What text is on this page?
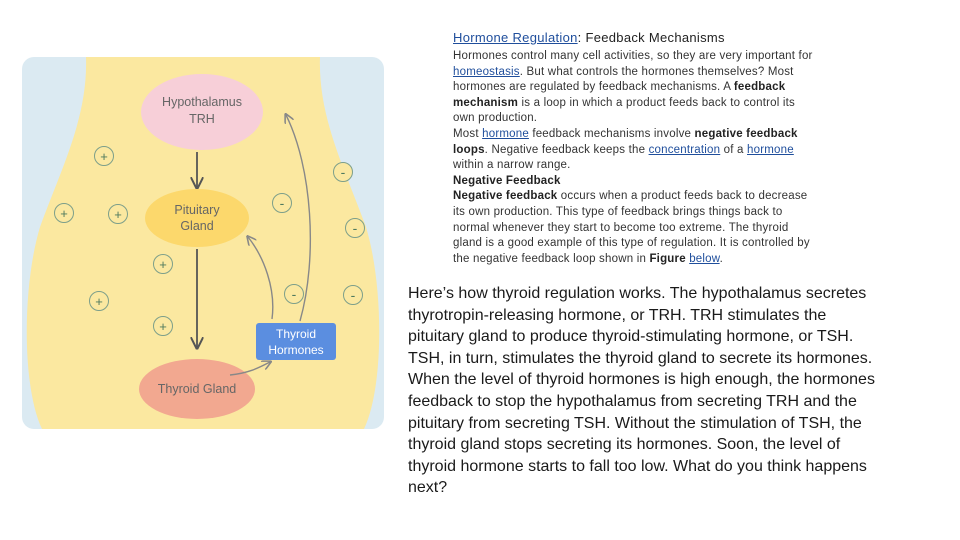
Hypothalamus
TRH
Pituitary
Gland
Thyroid Gland
Thyroid
Hormones
+
+	+
+
+
+
-
-
-
-	-
Hormone Regulation: Feedback Mechanisms

Hormones control many cell activities, so they are very important for homeostasis. But what controls the hormones themselves? Most hormones are regulated by feedback mechanisms. A feedback mechanism is a loop in which a product feeds back to control its own production.

Most hormone feedback mechanisms involve negative feedback loops. Negative feedback keeps the concentration of a hormone within a narrow range.

Negative Feedback

Negative feedback occurs when a product feeds back to decrease its own production. This type of feedback brings things back to normal whenever they start to become too extreme. The thyroid gland is a good example of this type of regulation. It is controlled by the negative feedback loop shown in Figure below.

Here’s how thyroid regulation works. The hypothalamus secretes thyrotropin-releasing hormone, or TRH. TRH stimulates the pituitary gland to produce thyroid-stimulating hormone, or TSH. TSH, in turn, stimulates the thyroid gland to secrete its hormones. When the level of thyroid hormones is high enough, the hormones feedback to stop the hypothalamus from secreting TRH and the pituitary from secreting TSH. Without the stimulation of TSH, the thyroid gland stops secreting its hormones. Soon, the level of thyroid hormone starts to fall too low. What do you think happens next?
